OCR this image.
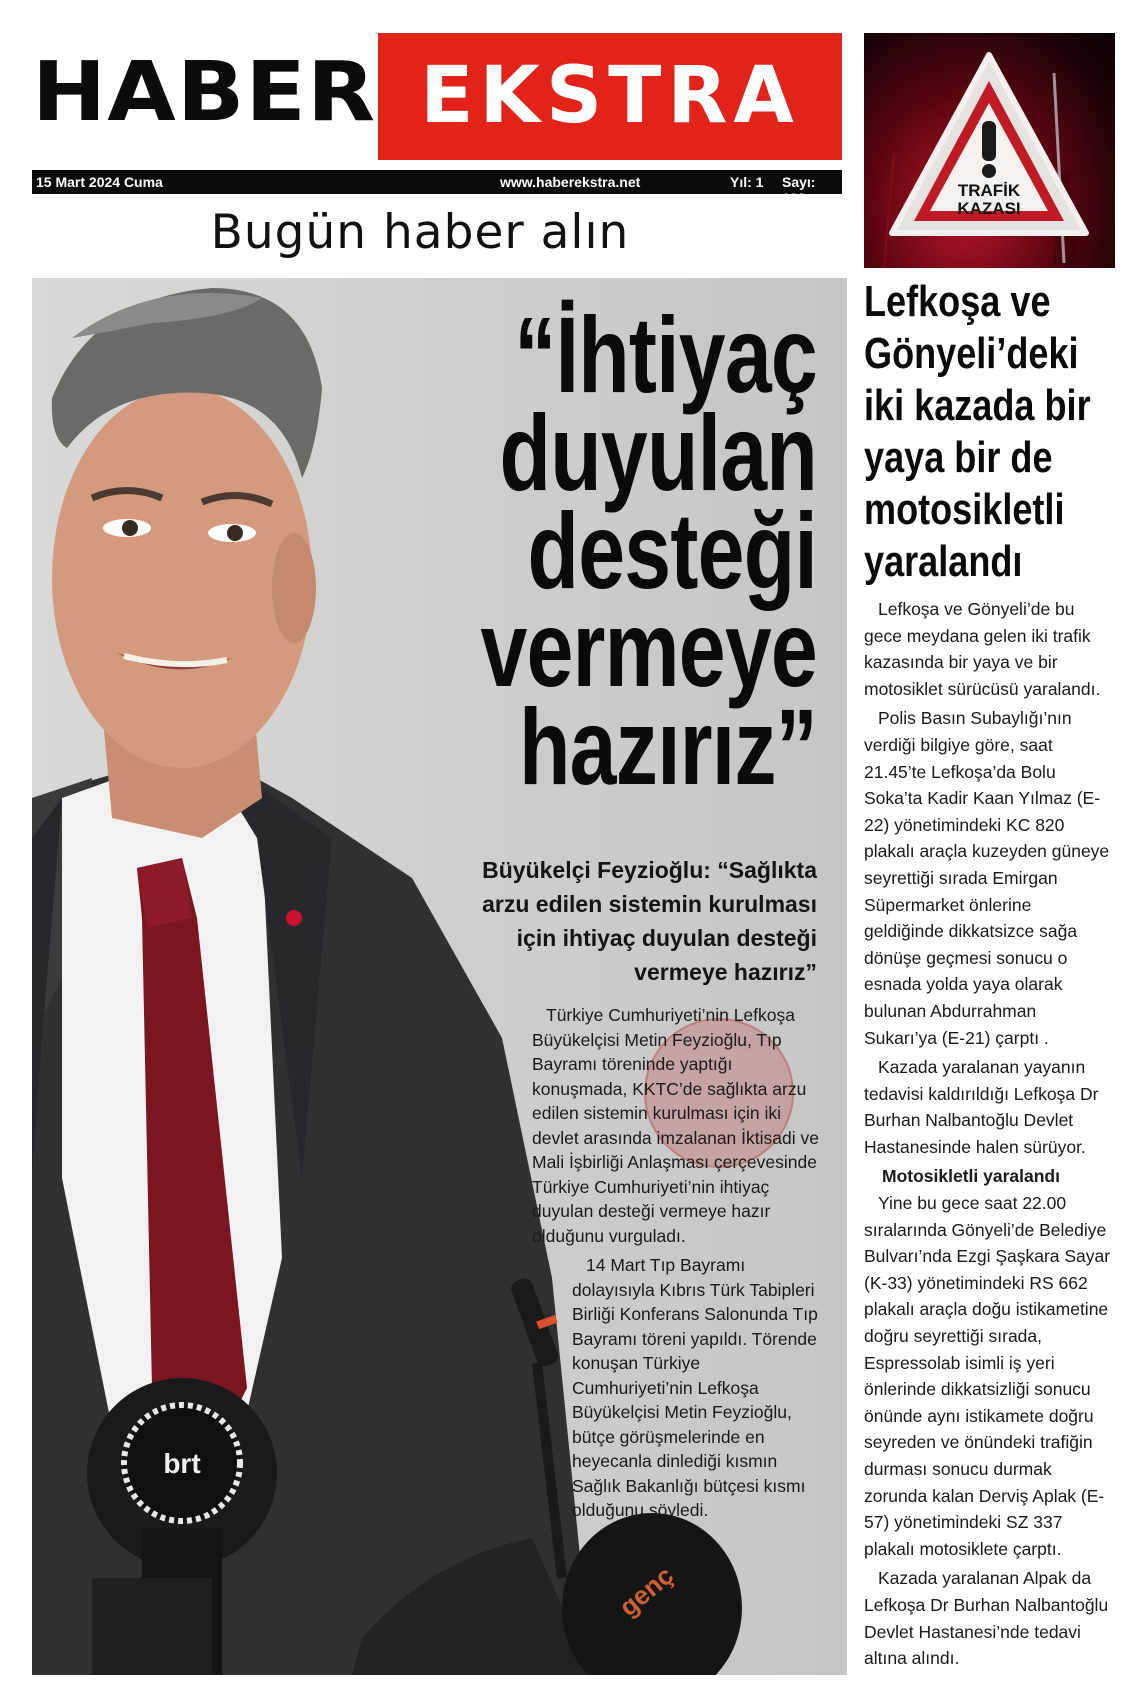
HABER EKSTRA
15 Mart 2024 Cuma	www.haberekstra.net	Yıl: 1 Sayı: 123
Bugün haber alın
TRAFİK
KAZASI
brt
genç
“İhtiyaç
duyulan
desteği
vermeye
hazırız”
Büyükelçi Feyzioğlu: “Sağlıkta arzu edilen sistemin kurulması için ihtiyaç duyulan desteği vermeye hazırız”

Türkiye Cumhuriyeti’nin Lefkoşa Büyükelçisi Metin Feyzioğlu, Tıp Bayramı töreninde yaptığı konuşmada, KKTC’de sağlıkta arzu edilen sistemin kurulması için iki devlet arasında imzalanan İktisadi ve Mali İşbirliği Anlaşması çerçevesinde Türkiye Cumhuriyeti’nin ihtiyaç duyulan desteği vermeye hazır olduğunu vurguladı.

14 Mart Tıp Bayramı dolayısıyla Kıbrıs Türk Tabipleri Birliği Konferans Salonunda Tıp Bayramı töreni yapıldı. Törende konuşan Türkiye Cumhuriyeti’nin Lefkoşa Büyükelçisi Metin Feyzioğlu, bütçe görüşmelerinde en heyecanla dinlediği kısmın Sağlık Bakanlığı bütçesi kısmı olduğunu söyledi.

Lefkoşa ve
Gönyeli’deki
iki kazada bir
yaya bir de
motosikletli
yaralandı

Lefkoşa ve Gönyeli’de bu gece meydana gelen iki trafik kazasında bir yaya ve bir motosiklet sürücüsü yaralandı.

Polis Basın Subaylığı’nın verdiği bilgiye göre, saat 21.45’te Lefkoşa’da Bolu Soka’ta Kadir Kaan Yılmaz (E-22) yönetimindeki KC 820 plakalı araçla kuzeyden güneye seyrettiği sırada Emirgan Süpermarket önlerine geldiğinde dikkatsizce sağa dönüşe geçmesi sonucu o esnada yolda yaya olarak bulunan Abdurrahman Sukarı’ya (E-21) çarptı .

Kazada yaralanan yayanın tedavisi kaldırıldığı Lefkoşa Dr Burhan Nalbantoğlu Devlet Hastanesinde halen sürüyor.

Motosikletli yaralandı

Yine bu gece saat 22.00 sıralarında Gönyeli’de Belediye Bulvarı’nda Ezgi Şaşkara Sayar (K-33) yönetimindeki RS 662 plakalı araçla doğu istikametine doğru seyrettiği sırada, Espressolab isimli iş yeri önlerinde dikkatsizliği sonucu önünde aynı istikamete doğru seyreden ve önündeki trafiğin durması sonucu durmak zorunda kalan Derviş Aplak (E-57) yönetimindeki SZ 337 plakalı motosiklete çarptı.

Kazada yaralanan Alpak da Lefkoşa Dr Burhan Nalbantoğlu Devlet Hastanesi’nde tedavi altına alındı.
